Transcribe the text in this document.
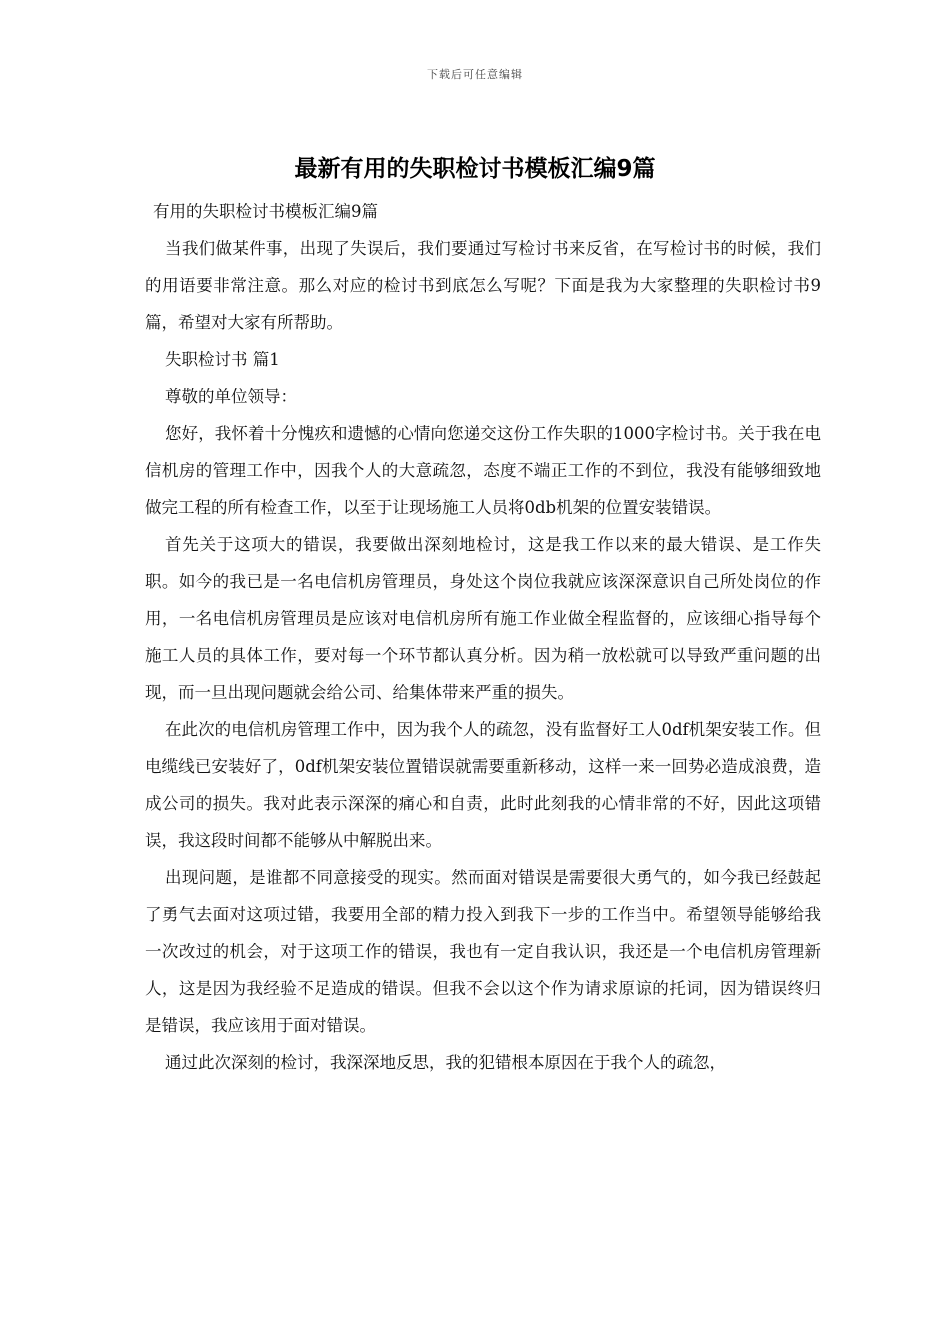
下载后可任意编辑
最新有用的失职检讨书模板汇编9篇

有用的失职检讨书模板汇编9篇

当我们做某件事，出现了失误后，我们要通过写检讨书来反省，在写检讨书的时候，我们的用语要非常注意。那么对应的检讨书到底怎么写呢？下面是我为大家整理的失职检讨书9篇，希望对大家有所帮助。

失职检讨书 篇1

尊敬的单位领导：

您好，我怀着十分愧疚和遗憾的心情向您递交这份工作失职的1000字检讨书。关于我在电信机房的管理工作中，因我个人的大意疏忽，态度不端正工作的不到位，我没有能够细致地做完工程的所有检查工作，以至于让现场施工人员将0db机架的位置安装错误。

首先关于这项大的错误，我要做出深刻地检讨，这是我工作以来的最大错误、是工作失职。如今的我已是一名电信机房管理员，身处这个岗位我就应该深深意识自己所处岗位的作用，一名电信机房管理员是应该对电信机房所有施工作业做全程监督的，应该细心指导每个施工人员的具体工作，要对每一个环节都认真分析。因为稍一放松就可以导致严重问题的出现，而一旦出现问题就会给公司、给集体带来严重的损失。

在此次的电信机房管理工作中，因为我个人的疏忽，没有监督好工人0df机架安装工作。但电缆线已安装好了，0df机架安装位置错误就需要重新移动，这样一来一回势必造成浪费，造成公司的损失。我对此表示深深的痛心和自责，此时此刻我的心情非常的不好，因此这项错误，我这段时间都不能够从中解脱出来。

出现问题，是谁都不同意接受的现实。然而面对错误是需要很大勇气的，如今我已经鼓起了勇气去面对这项过错，我要用全部的精力投入到我下一步的工作当中。希望领导能够给我一次改过的机会，对于这项工作的错误，我也有一定自我认识，我还是一个电信机房管理新人，这是因为我经验不足造成的错误。但我不会以这个作为请求原谅的托词，因为错误终归是错误，我应该用于面对错误。

通过此次深刻的检讨，我深深地反思，我的犯错根本原因在于我个人的疏忽，
